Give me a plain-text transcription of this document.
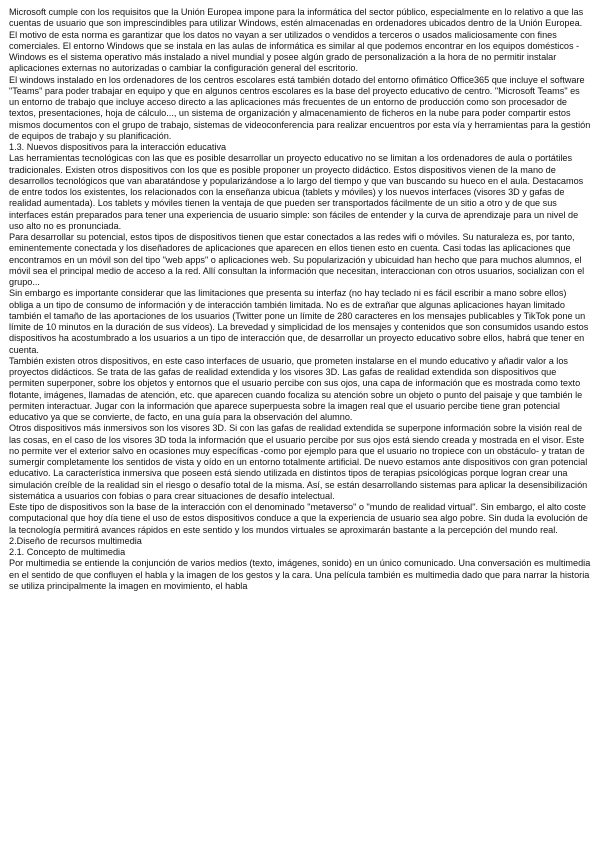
Microsoft cumple con los requisitos que la Unión Europea impone para la informática del sector público, especialmente en lo relativo a que las cuentas de usuario que son imprescindibles para utilizar Windows, estén almacenadas en ordenadores ubicados dentro de la Unión Europea. El motivo de esta norma es garantizar que los datos no vayan a ser utilizados o vendidos a terceros o usados maliciosamente con fines comerciales. El entorno Windows que se instala en las aulas de informática es similar al que podemos encontrar en los equipos domésticos -Windows es el sistema operativo más instalado a nivel mundial y posee algún grado de personalización a la hora de no permitir instalar aplicaciones externas no autorizadas o cambiar la configuración general del escritorio.

El windows instalado en los ordenadores de los centros escolares está también dotado del entorno ofimático Office365 que incluye el software "Teams" para poder trabajar en equipo y que en algunos centros escolares es la base del proyecto educativo de centro. "Microsoft Teams" es un entorno de trabajo que incluye acceso directo a las aplicaciones más frecuentes de un entorno de producción como son procesador de textos, presentaciones, hoja de cálculo..., un sistema de organización y almacenamiento de ficheros en la nube para poder compartir estos mismos documentos con el grupo de trabajo, sistemas de videoconferencia para realizar encuentros por esta vía y herramientas para la gestión de equipos de trabajo y su planificación.

1.3. Nuevos dispositivos para la interacción educativa

Las herramientas tecnológicas con las que es posible desarrollar un proyecto educativo no se limitan a los ordenadores de aula o portátiles tradicionales. Existen otros dispositivos con los que es posible proponer un proyecto didáctico. Estos dispositivos vienen de la mano de desarrollos tecnológicos que van abaratándose y popularizándose a lo largo del tiempo y que van buscando su hueco en el aula. Destacamos de entre todos los existentes, los relacionados con la enseñanza ubicua (tablets y móviles) y los nuevos interfaces (visores 3D y gafas de realidad aumentada). Los tablets y móviles tienen la ventaja de que pueden ser transportados fácilmente de un sitio a otro y de que sus interfaces están preparados para tener una experiencia de usuario simple: son fáciles de entender y la curva de aprendizaje para un nivel de uso alto no es pronunciada.

Para desarrollar su potencial, estos tipos de dispositivos tienen que estar conectados a las redes wifi o móviles. Su naturaleza es, por tanto, eminentemente conectada y los diseñadores de aplicaciones que aparecen en ellos tienen esto en cuenta. Casi todas las aplicaciones que encontramos en un móvil son del tipo "web apps" o aplicaciones web. Su popularización y ubicuidad han hecho que para muchos alumnos, el móvil sea el principal medio de acceso a la red. Allí consultan la información que necesitan, interaccionan con otros usuarios, socializan con el grupo...

Sin embargo es importante considerar que las limitaciones que presenta su interfaz (no hay teclado ni es fácil escribir a mano sobre ellos) obliga a un tipo de consumo de información y de interacción también limitada. No es de extrañar que algunas aplicaciones hayan limitado también el tamaño de las aportaciones de los usuarios (Twitter pone un límite de 280 caracteres en los mensajes publicables y TikTok pone un límite de 10 minutos en la duración de sus vídeos). La brevedad y simplicidad de los mensajes y contenidos que son consumidos usando estos dispositivos ha acostumbrado a los usuarios a un tipo de interacción que, de desarrollar un proyecto educativo sobre ellos, habrá que tener en cuenta.

También existen otros dispositivos, en este caso interfaces de usuario, que prometen instalarse en el mundo educativo y añadir valor a los proyectos didácticos. Se trata de las gafas de realidad extendida y los visores 3D. Las gafas de realidad extendida son dispositivos que permiten superponer, sobre los objetos y entornos que el usuario percibe con sus ojos, una capa de información que es mostrada como texto flotante, imágenes, llamadas de atención, etc. que aparecen cuando focaliza su atención sobre un objeto o punto del paisaje y que también le permiten interactuar. Jugar con la información que aparece superpuesta sobre la imagen real que el usuario percibe tiene gran potencial educativo ya que se convierte, de facto, en una guía para la observación del alumno.

Otros dispositivos más inmersivos son los visores 3D. Si con las gafas de realidad extendida se superpone información sobre la visión real de las cosas, en el caso de los visores 3D toda la información que el usuario percibe por sus ojos está siendo creada y mostrada en el visor. Este no permite ver el exterior salvo en ocasiones muy específicas -como por ejemplo para que el usuario no tropiece con un obstáculo- y tratan de sumergir completamente los sentidos de vista y oído en un entorno totalmente artificial. De nuevo estamos ante dispositivos con gran potencial educativo. La característica inmersiva que poseen está siendo utilizada en distintos tipos de terapias psicológicas porque logran crear una simulación creíble de la realidad sin el riesgo o desafío total de la misma. Así, se están desarrollando sistemas para aplicar la desensibilización sistemática a usuarios con fobias o para crear situaciones de desafío intelectual.

Este tipo de dispositivos son la base de la interacción con el denominado "metaverso" o "mundo de realidad virtual". Sin embargo, el alto coste computacional que hoy día tiene el uso de estos dispositivos conduce a que la experiencia de usuario sea algo pobre. Sin duda la evolución de la tecnología permitirá avances rápidos en este sentido y los mundos virtuales se aproximarán bastante a la percepción del mundo real.

2.Diseño de recursos multimedia

2.1. Concepto de multimedia

Por multimedia se entiende la conjunción de varios medios (texto, imágenes, sonido) en un único comunicado. Una conversación es multimedia en el sentido de que confluyen el habla y la imagen de los gestos y la cara. Una película también es multimedia dado que para narrar la historia se utiliza principalmente la imagen en movimiento, el habla
